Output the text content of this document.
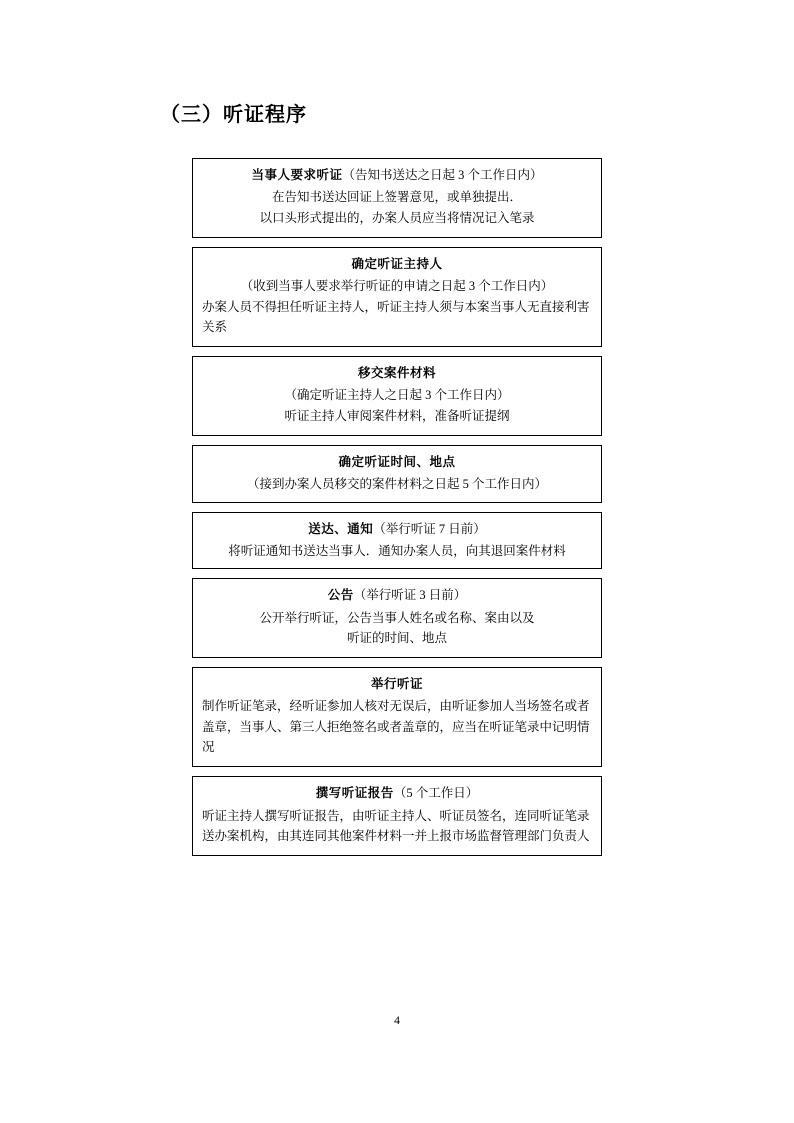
（三）听证程序
当事人要求听证（告知书送达之日起 3 个工作日内）
在告知书送达回证上签署意见，或单独提出．
以口头形式提出的，办案人员应当将情况记入笔录
确定听证主持人
（收到当事人要求举行听证的申请之日起 3 个工作日内）
办案人员不得担任听证主持人，听证主持人须与本案当事人无直接利害关系
移交案件材料
（确定听证主持人之日起 3 个工作日内）
听证主持人审阅案件材料，准备听证提纲
确定听证时间、地点
（接到办案人员移交的案件材料之日起 5 个工作日内）
送达、通知（举行听证 7 日前）
将听证通知书送达当事人．通知办案人员，向其退回案件材料
公告（举行听证 3 日前）
公开举行听证，公告当事人姓名或名称、案由以及
听证的时间、地点
举行听证
制作听证笔录，经听证参加人核对无误后，由听证参加人当场签名或者盖章，当事人、第三人拒绝签名或者盖章的，应当在听证笔录中记明情况
撰写听证报告（5 个工作日）
听证主持人撰写听证报告，由听证主持人、听证员签名，连同听证笔录送办案机构，由其连同其他案件材料一并上报市场监督管理部门负责人
4
